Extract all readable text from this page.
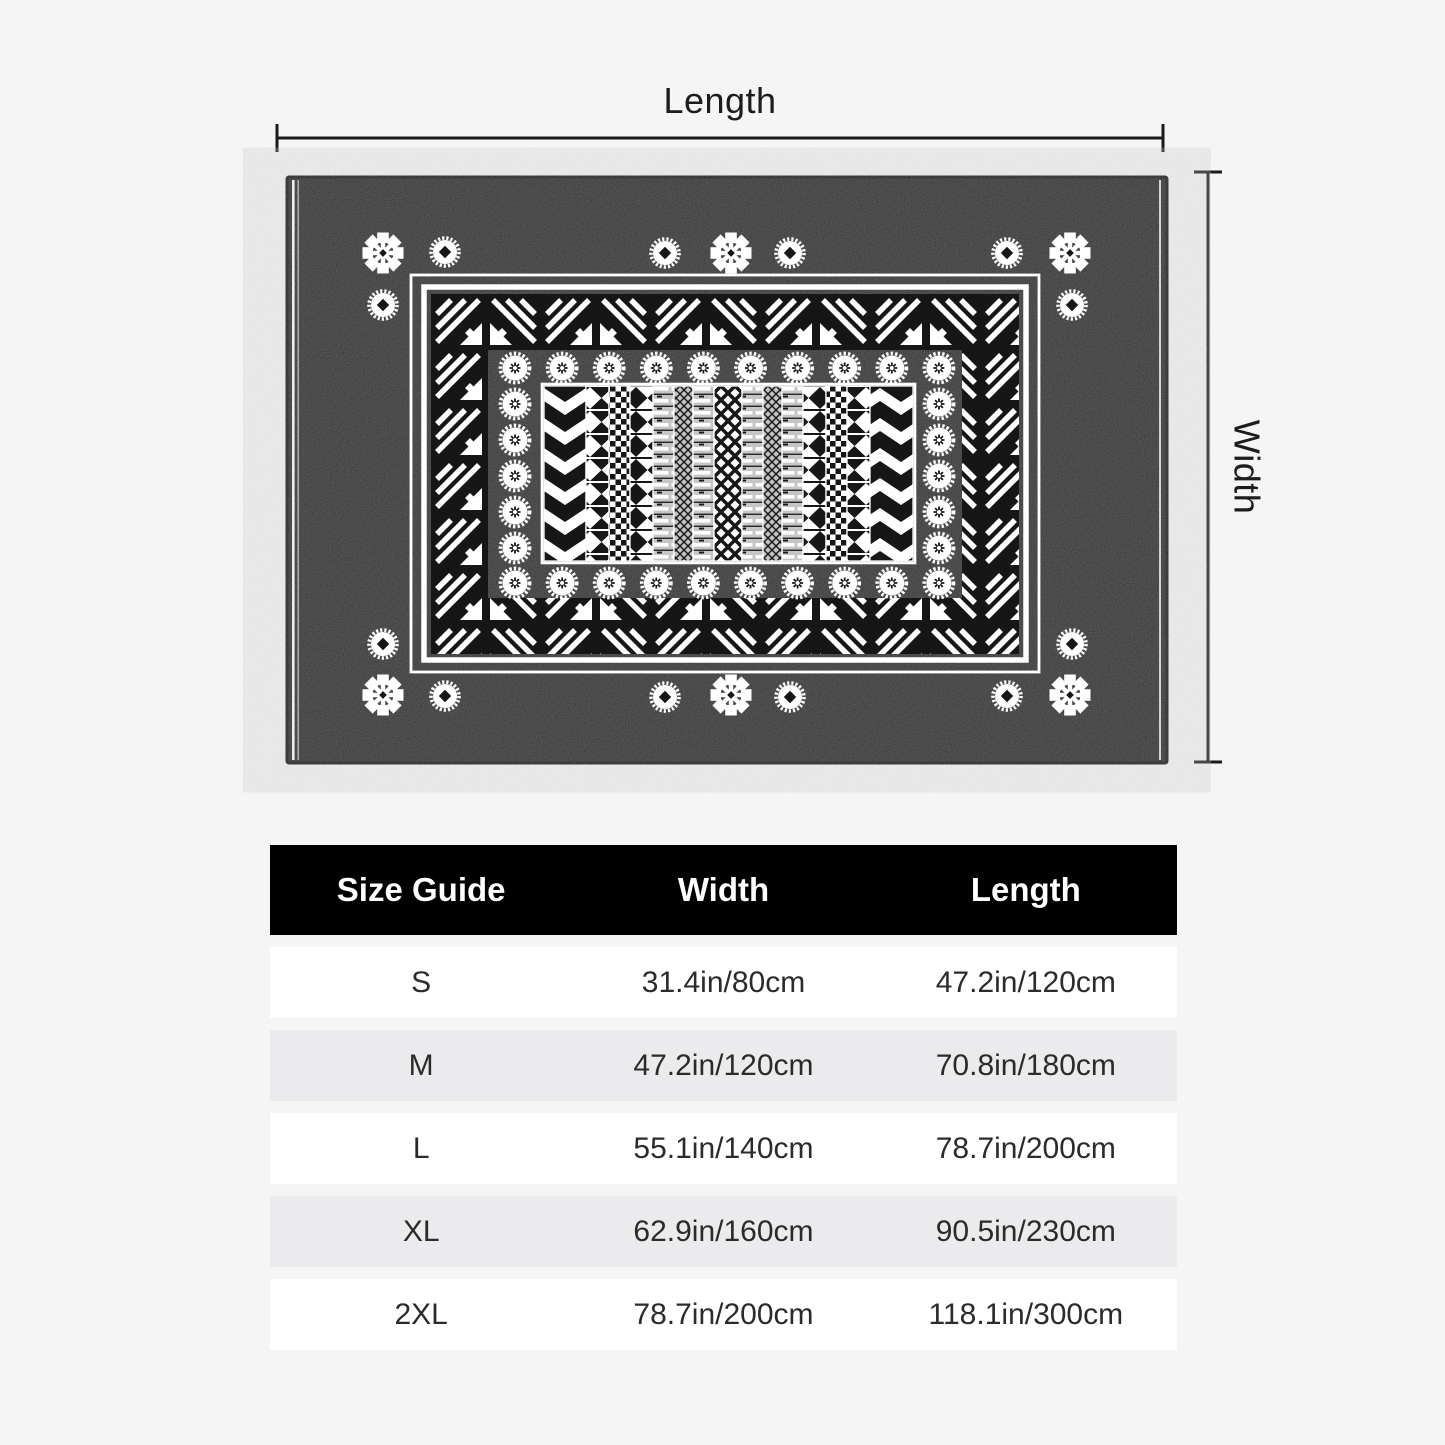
Length
Width
Size Guide	Width	Length
S	31.4in/80cm	47.2in/120cm
M	47.2in/120cm	70.8in/180cm
L	55.1in/140cm	78.7in/200cm
XL	62.9in/160cm	90.5in/230cm
2XL	78.7in/200cm	118.1in/300cm
